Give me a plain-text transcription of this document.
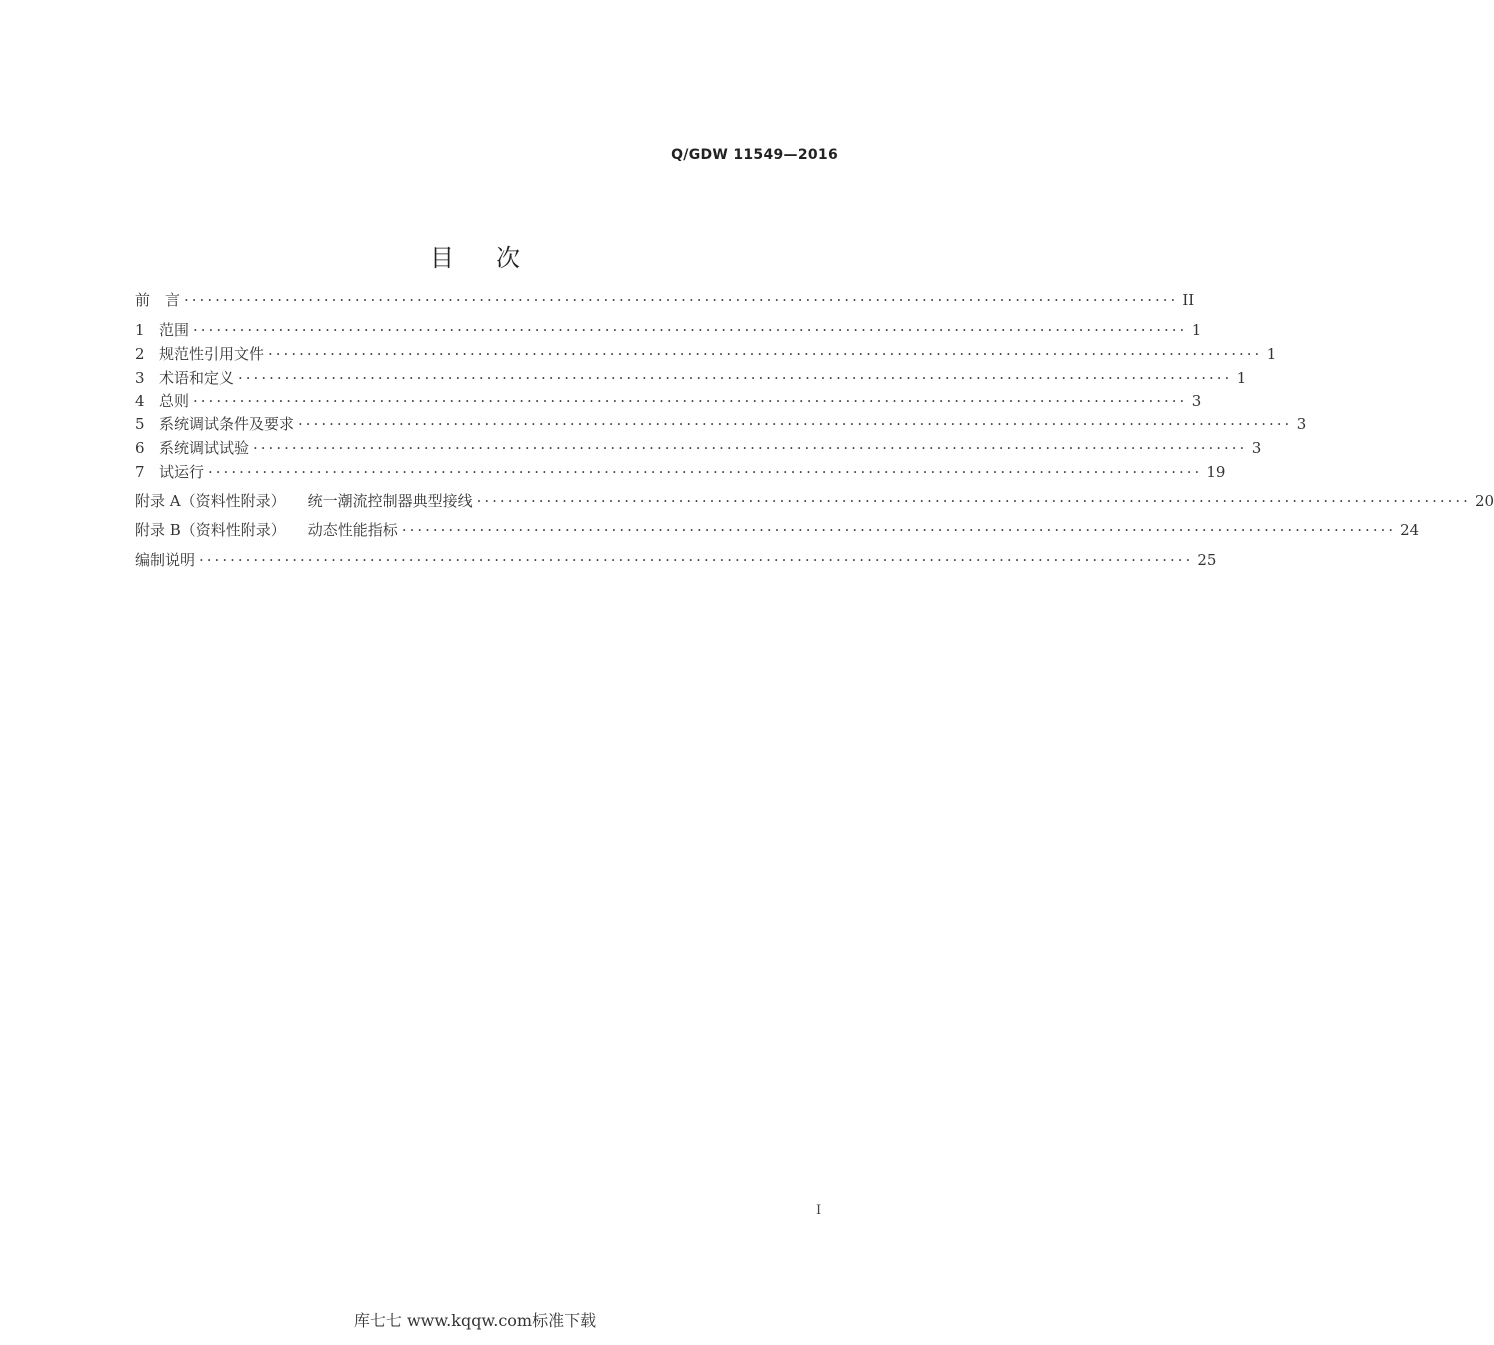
Q/GDW 11549—2016
目 次
前　言 ································································································································ II
1 范围 ································································································································ 1
2 规范性引用文件 ································································································································ 1
3 术语和定义 ································································································································ 1
4 总则 ································································································································ 3
5 系统调试条件及要求 ································································································································ 3
6 系统调试试验 ································································································································ 3
7 试运行 ································································································································ 19
附录 A（资料性附录） 统一潮流控制器典型接线 ································································································································ 20
附录 B（资料性附录） 动态性能指标 ································································································································ 24
编制说明 ································································································································ 25
I
库七七 www.kqqw.com标准下载
